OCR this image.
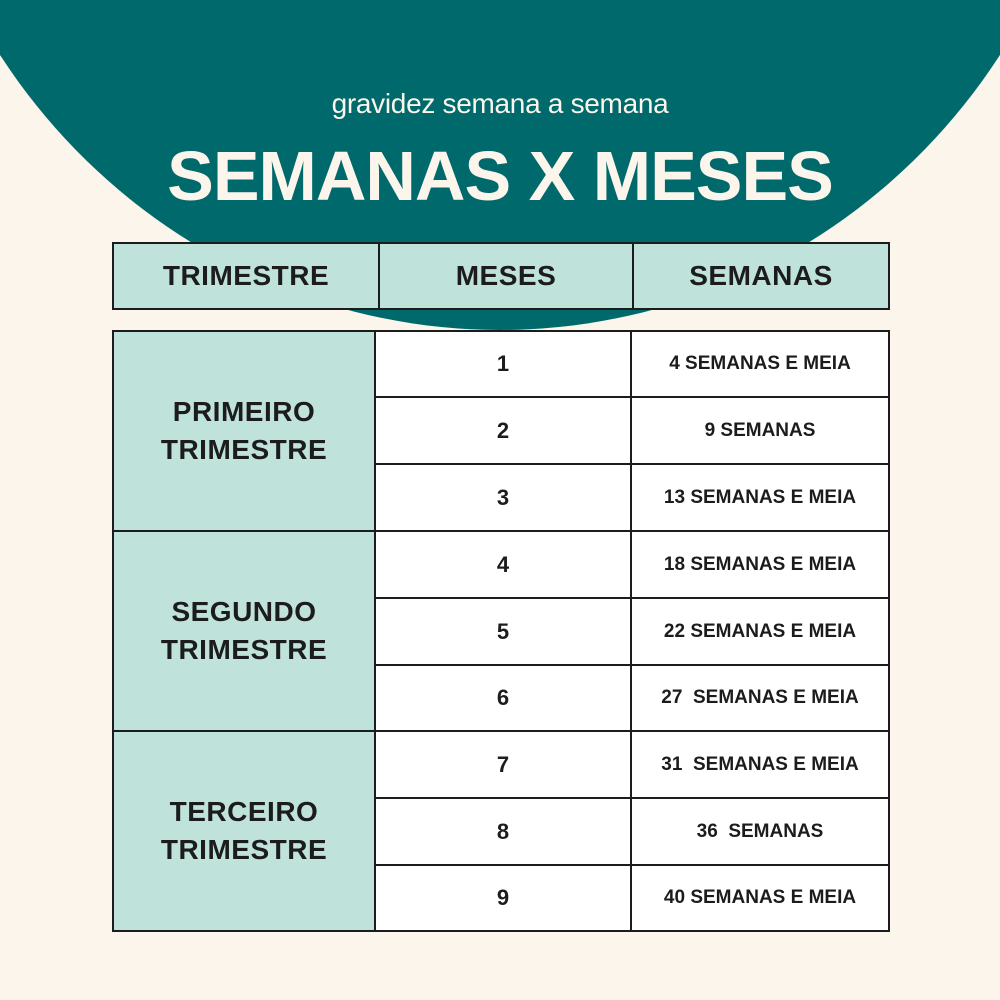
gravidez semana a semana
SEMANAS X MESES
TRIMESTRE	MESES	SEMANAS
PRIMEIRO TRIMESTRE
SEGUNDO TRIMESTRE
TERCEIRO TRIMESTRE
1
2
3
4
5
6
7
8
9
4 SEMANAS E MEIA
9 SEMANAS
13 SEMANAS E MEIA
18 SEMANAS E MEIA
22 SEMANAS E MEIA
27  SEMANAS E MEIA
31  SEMANAS E MEIA
36  SEMANAS
40 SEMANAS E MEIA
